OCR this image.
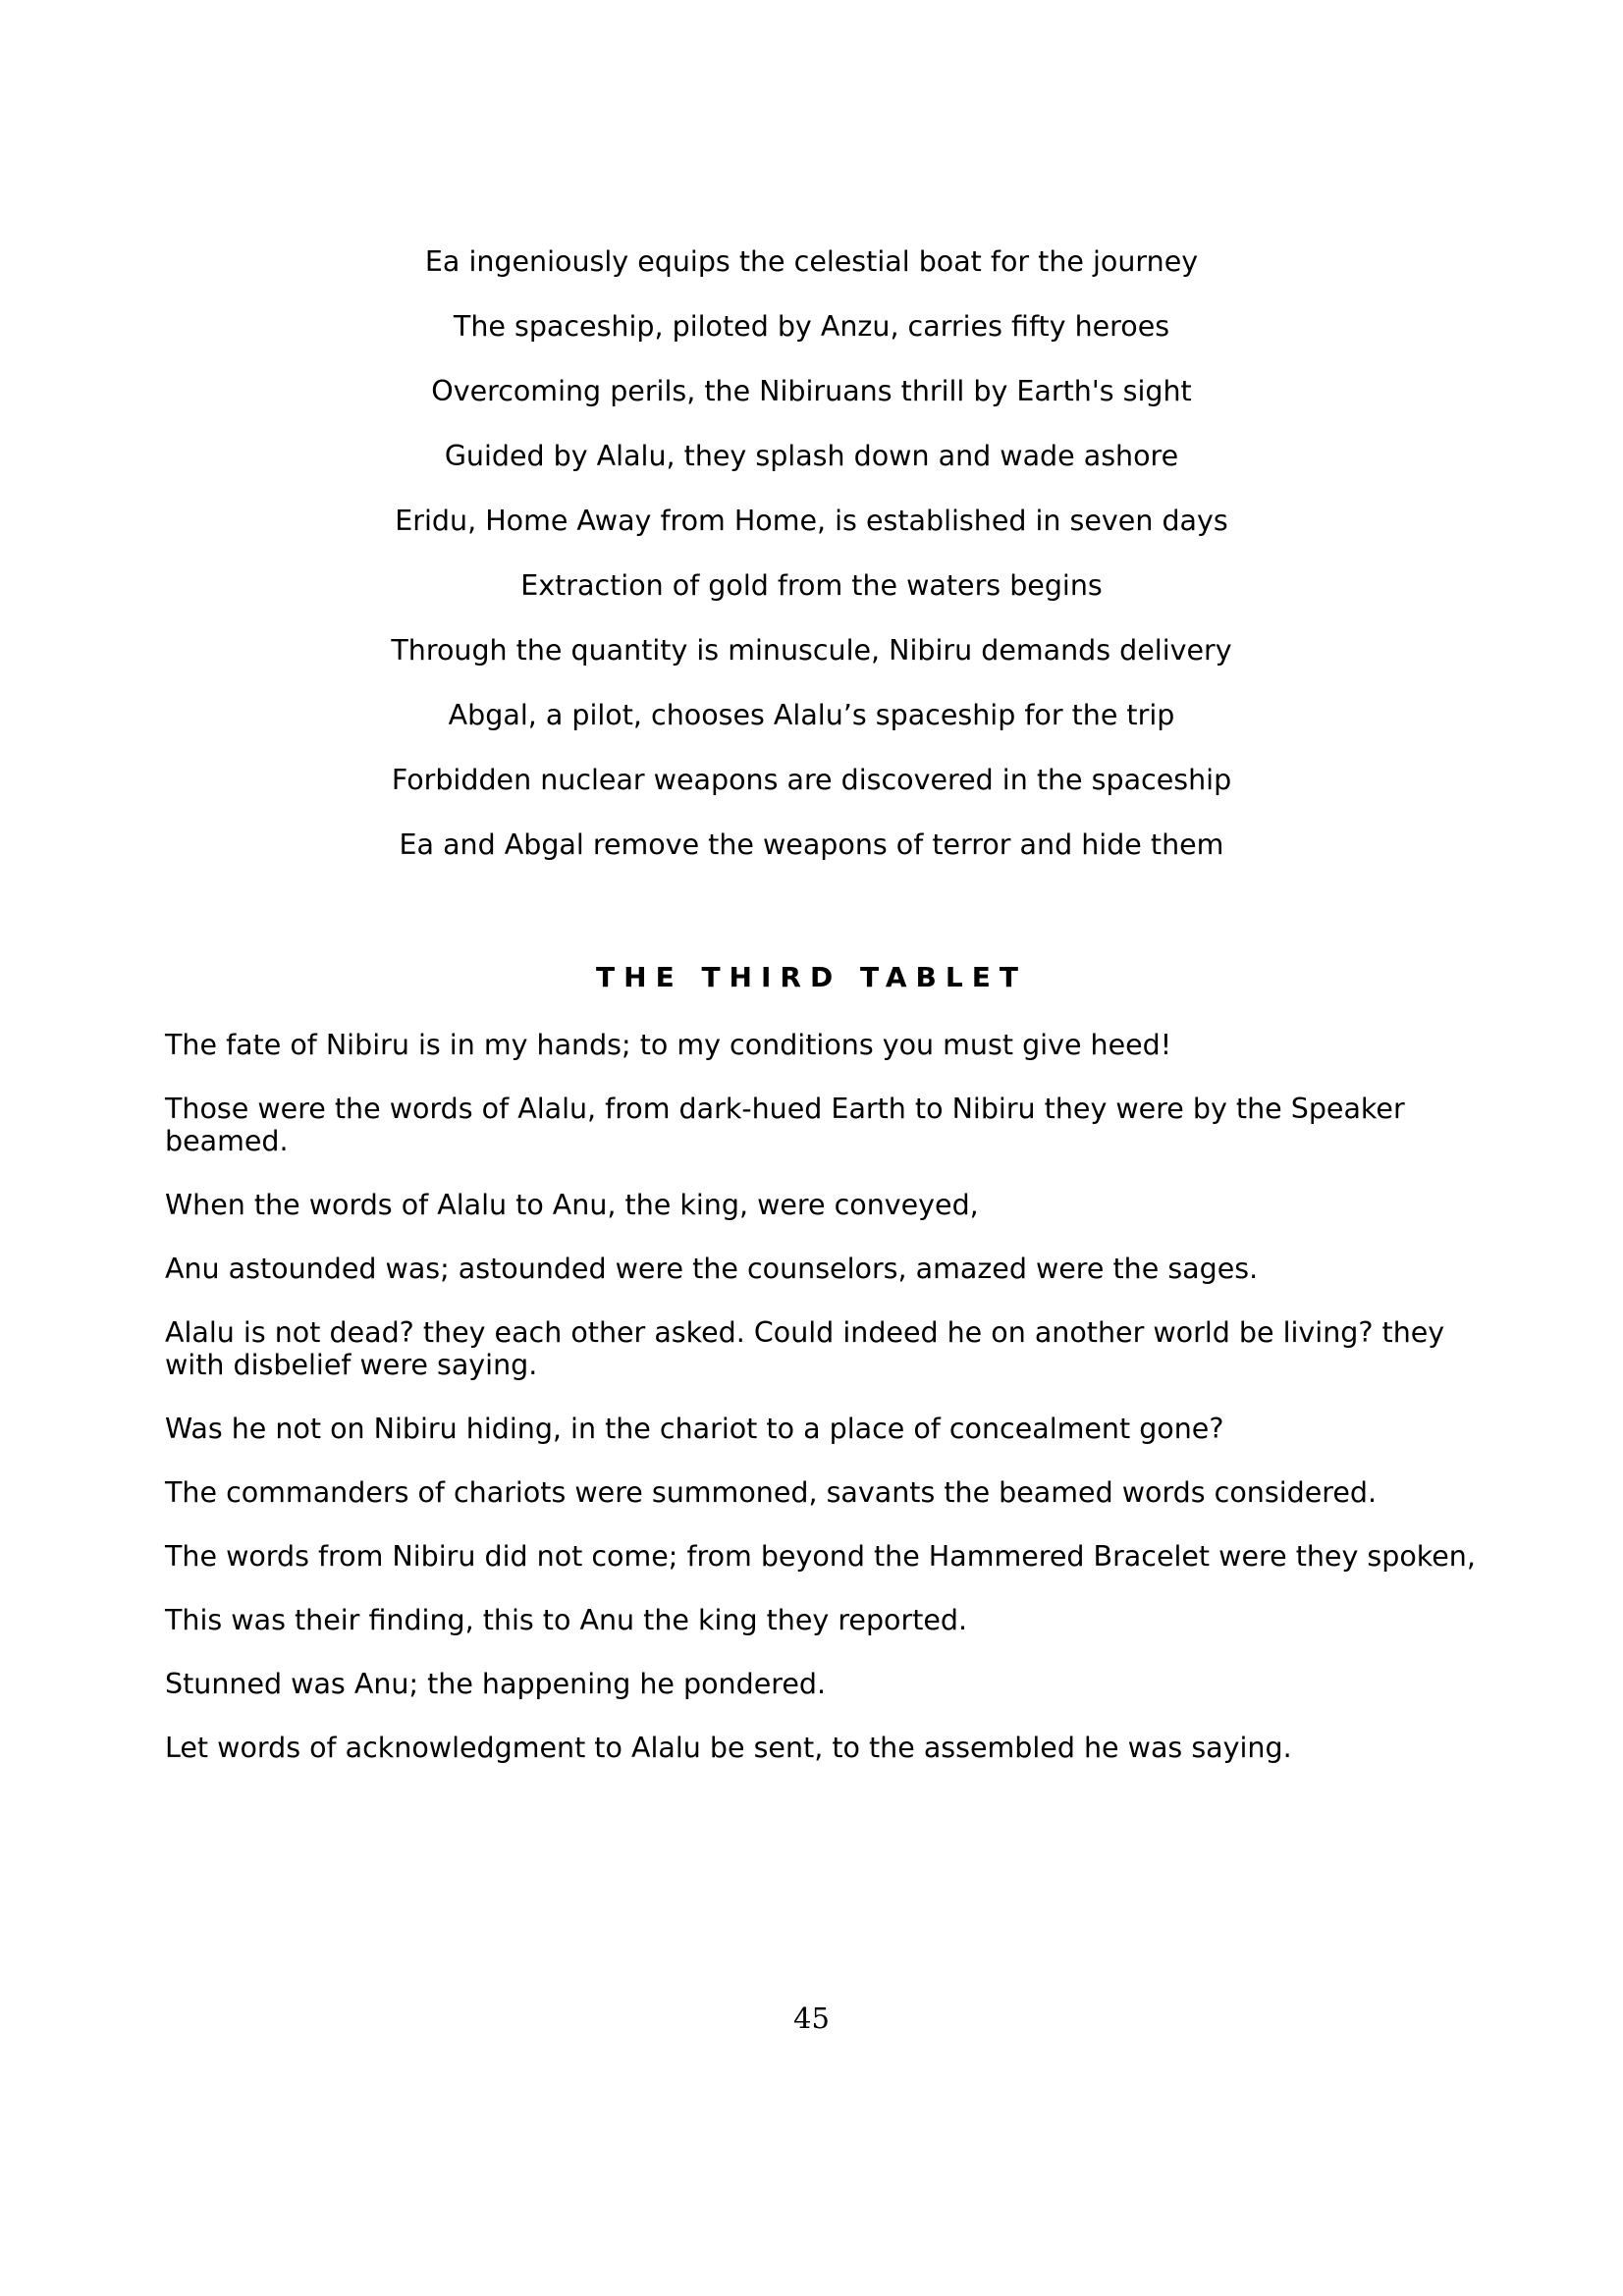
Ea ingeniously equips the celestial boat for the journey
The spaceship, piloted by Anzu, carries fifty heroes
Overcoming perils, the Nibiruans thrill by Earth's sight
Guided by Alalu, they splash down and wade ashore
Eridu, Home Away from Home, is established in seven days
Extraction of gold from the waters begins
Through the quantity is minuscule, Nibiru demands delivery
Abgal, a pilot, chooses Alalu’s spaceship for the trip
Forbidden nuclear weapons are discovered in the spaceship
Ea and Abgal remove the weapons of terror and hide them
THE THIRD TABLET

The fate of Nibiru is in my hands; to my conditions you must give heed!

Those were the words of Alalu, from dark-hued Earth to Nibiru they were by the Speaker beamed.

When the words of Alalu to Anu, the king, were conveyed,

Anu astounded was; astounded were the counselors, amazed were the sages.

Alalu is not dead? they each other asked. Could indeed he on another world be living? they with disbelief were saying.

Was he not on Nibiru hiding, in the chariot to a place of concealment gone?

The commanders of chariots were summoned, savants the beamed words considered.

The words from Nibiru did not come; from beyond the Hammered Bracelet were they spoken,

This was their finding, this to Anu the king they reported.

Stunned was Anu; the happening he pondered.

Let words of acknowledgment to Alalu be sent, to the assembled he was saying.

45
